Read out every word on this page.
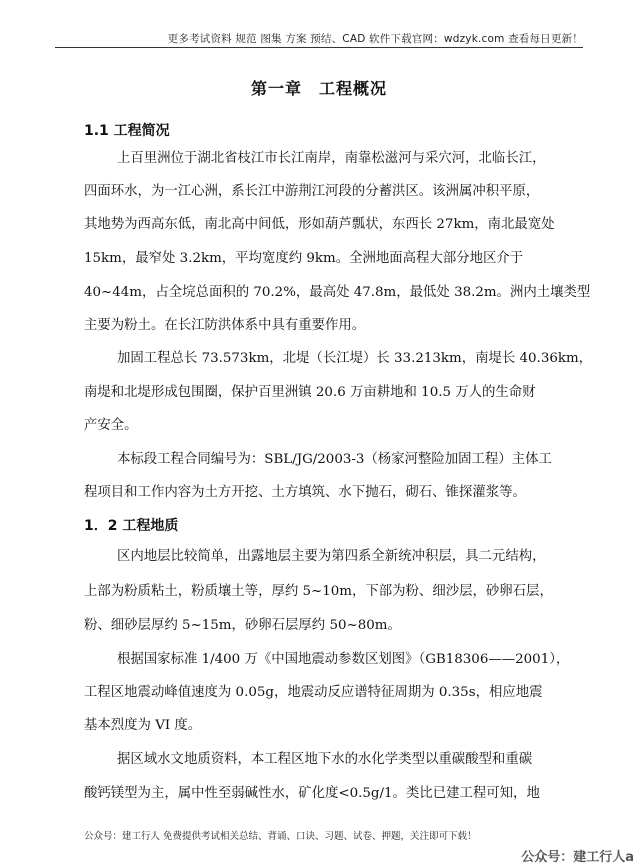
更多考试资料 规范 图集 方案 预结、CAD 软件下载官网：wdzyk.com 查看每日更新！
第一章　工程概况
1.1 工程简况
上百里洲位于湖北省枝江市长江南岸，南靠松滋河与采穴河，北临长江，
四面环水，为一江心洲，系长江中游荆江河段的分蓄洪区。该洲属冲积平原，
其地势为西高东低，南北高中间低，形如葫芦瓢状，东西长 27km，南北最宽处
15km，最窄处 3.2km，平均宽度约 9km。全洲地面高程大部分地区介于
40~44m，占全垸总面积的 70.2%，最高处 47.8m，最低处 38.2m。洲内土壤类型
主要为粉土。在长江防洪体系中具有重要作用。
加固工程总长 73.573km，北堤（长江堤）长 33.213km，南堤长 40.36km，
南堤和北堤形成包围圈，保护百里洲镇 20.6 万亩耕地和 10.5 万人的生命财
产安全。
本标段工程合同编号为：SBL/JG/2003-3（杨家河整险加固工程）主体工
程项目和工作内容为土方开挖、土方填筑、水下抛石，砌石、锥探灌浆等。
1．2 工程地质
区内地层比较简单，出露地层主要为第四系全新统冲积层，具二元结构，
上部为粉质粘土，粉质壤土等，厚约 5~10m，下部为粉、细沙层，砂卵石层，
粉、细砂层厚约 5~15m，砂卵石层厚约 50~80m。
根据国家标准 1/400 万《中国地震动参数区划图》（GB18306——2001），
工程区地震动峰值速度为 0.05g，地震动反应谱特征周期为 0.35s，相应地震
基本烈度为 VI 度。
据区域水文地质资料，本工程区地下水的水化学类型以重碳酸型和重碳
酸钙镁型为主，属中性至弱碱性水，矿化度<0.5g/1。类比已建工程可知，地
公众号：建工行人 免费提供考试相关总结、背诵、口诀、习题、试卷、押题，关注即可下载！
公众号：建工行人a
